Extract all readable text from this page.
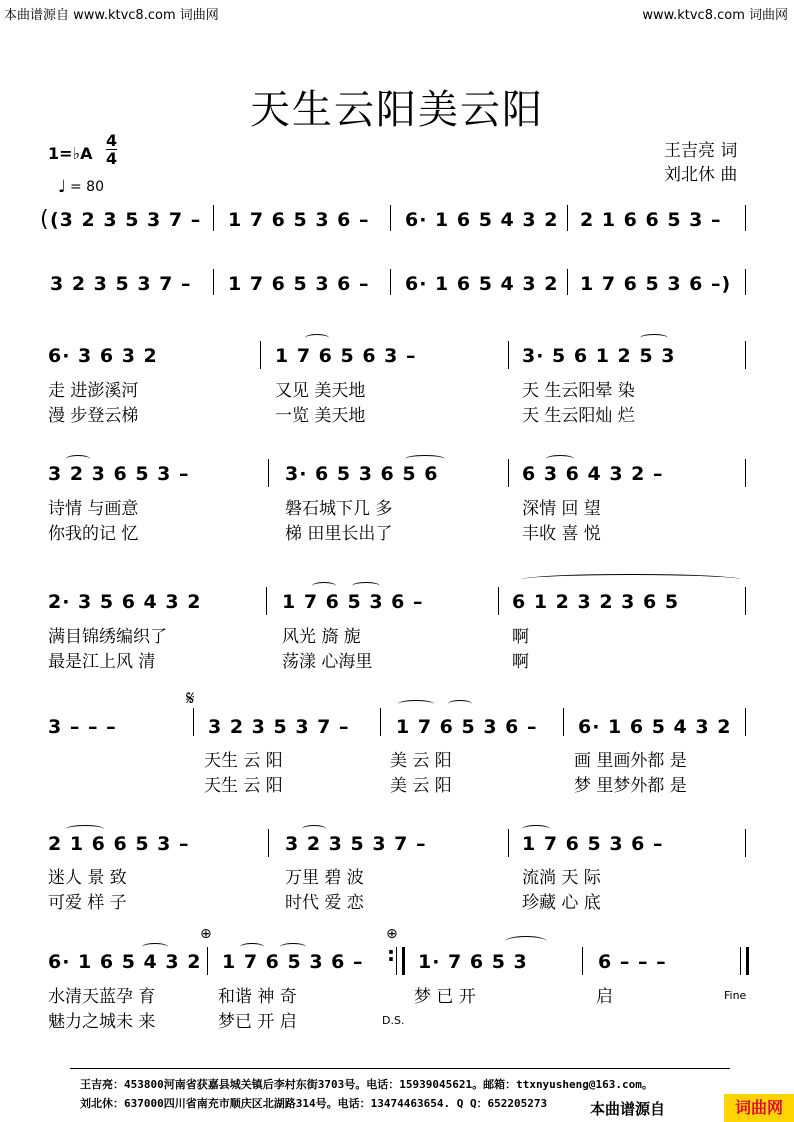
本曲谱源自 www.ktvc8.com 词曲网	www.ktvc8.com 词曲网
天生云阳美云阳
1=♭A
4
4
♩ = 80
王吉亮 词
刘北休 曲
( (3 2 3 5 3 7 – 1 7 6 5 3 6 – 6· 1 6 5 4 3 2 2 1 6 6 5 3 –
3 2 3 5 3 7 – 1 7 6 5 3 6 – 6· 1 6 5 4 3 2 1 7 6 5 3 6 –)
6· 3 6 3 2	1 7 6 5 6 3 –	3· 5 6 1 2 5 3
走 进澎溪河	又见 美天地	天 生云阳晕 染
漫 步登云梯	一览 美天地	天 生云阳灿 烂
3 2 3 6 5 3 –	3· 6 5 3 6 5 6	6 3 6 4 3 2 –
诗情 与画意	磐石城下几 多	深情 回 望
你我的记 忆	梯 田里长出了	丰收 喜 悦
2· 3 5 6 4 3 2	1 7 6 5 3 6 –	6 1 2 3 2 3 6 5
满目锦绣编织了	风光 旖 旎	啊
最是江上风 清	荡漾 心海里	啊
3 – – –
𝄋
3 2 3 5 3 7 – 1 7 6 5 3 6 – 6· 1 6 5 4 3 2
天生 云 阳	美 云 阳	画 里画外都 是
天生 云 阳	美 云 阳	梦 里梦外都 是
2 1 6 6 5 3 –	3 2 3 5 3 7 –	1 7 6 5 3 6 –
迷人 景 致	万里 碧 波	流淌 天 际
可爱 样 子	时代 爱 恋	珍藏 心 底
6· 1 6 5 4 3 2
⊕
1 7 6 5 3 6 –
⊕
: 1· 7 6 5 3	6 – – –
水清天蓝孕 育	和谐 神 奇	梦 已 开	启	Fine
魅力之城未 来	梦已 开 启	D.S.
王吉亮：453800河南省获嘉县城关镇后李村东街3703号。电话：15939045621。邮箱：ttxnyusheng@163.com。
刘北休：637000四川省南充市顺庆区北湖路314号。电话：13474463654. Q Q：652205273	本曲谱源自	词曲网
